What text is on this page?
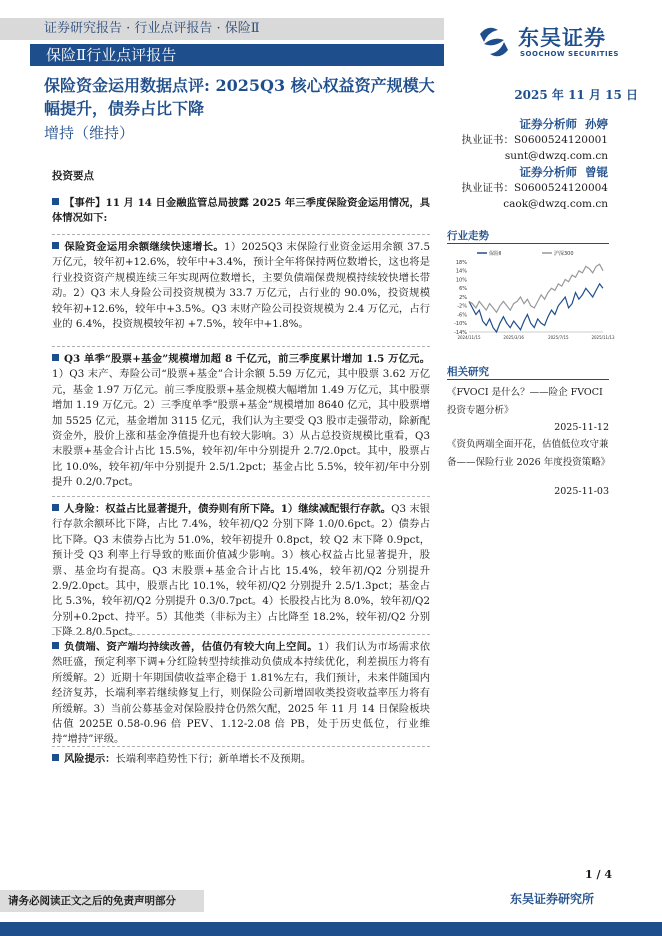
证券研究报告 · 行业点评报告 · 保险Ⅱ
保险Ⅱ行业点评报告
东吴证券
SOOCHOW SECURITIES
保险资金运用数据点评: 2025Q3 核心权益资产规模大幅提升，债券占比下降
增持（维持）
2025 年 11 月 15 日
证券分析师 孙婷
执业证书：S0600524120001
sunt@dwzq.com.cn
证券分析师 曾锟
执业证书：S0600524120004
caok@dwzq.com.cn
投资要点
【事件】11 月 14 日金融监管总局披露 2025 年三季度保险资金运用情况，具体情况如下:
保险资金运用余额继续快速增长。1）2025Q3 末保险行业资金运用余额 37.5 万亿元，较年初+12.6%，较年中+3.4%，预计全年将保持两位数增长，这也将是行业投资资产规模连续三年实现两位数增长，主要负债端保费规模持续较快增长带动。2）Q3 末人身险公司投资规模为 33.7 万亿元，占行业的 90.0%，投资规模较年初+12.6%，较年中+3.5%。Q3 末财产险公司投资规模为 2.4 万亿元，占行业的 6.4%，投资规模较年初 +7.5%，较年中+1.8%。
Q3 单季“股票+基金”规模增加超 8 千亿元，前三季度累计增加 1.5 万亿元。1）Q3 末产、寿险公司“股票+基金”合计余额 5.59 万亿元，其中股票 3.62 万亿元，基金 1.97 万亿元。前三季度股票+基金规模大幅增加 1.49 万亿元，其中股票增加 1.19 万亿元。2）三季度单季“股票+基金”规模增加 8640 亿元，其中股票增加 5525 亿元，基金增加 3115 亿元，我们认为主要受 Q3 股市走强带动，除新配资金外，股价上涨和基金净值提升也有较大影响。3）从占总投资规模比重看，Q3 末股票+基金合计占比 15.5%，较年初/年中分别提升 2.7/2.0pct。其中，股票占比 10.0%，较年初/年中分别提升 2.5/1.2pct；基金占比 5.5%，较年初/年中分别提升 0.2/0.7pct。
人身险：权益占比显著提升，债券则有所下降。1）继续减配银行存款。Q3 末银行存款余额环比下降，占比 7.4%，较年初/Q2 分别下降 1.0/0.6pct。2）债券占比下降。Q3 末债券占比为 51.0%，较年初提升 0.8pct，较 Q2 末下降 0.9pct，预计受 Q3 利率上行导致的账面价值减少影响。3）核心权益占比显著提升，股票、基金均有提高。Q3 末股票+基金合计占比 15.4%，较年初/Q2 分别提升 2.9/2.0pct。其中，股票占比 10.1%，较年初/Q2 分别提升 2.5/1.3pct；基金占比 5.3%，较年初/Q2 分别提升 0.3/0.7pct。4）长股投占比为 8.0%，较年初/Q2 分别+0.2pct、持平。5）其他类（非标为主）占比降至 18.2%，较年初/Q2 分别下降 2.8/0.5pct。
负债端、资产端均持续改善，估值仍有较大向上空间。1）我们认为市场需求依然旺盛，预定利率下调+分红险转型持续推动负债成本持续优化，利差损压力将有所缓解。2）近期十年期国债收益率企稳于 1.81%左右，我们预计，未来伴随国内经济复苏，长端利率若继续修复上行，则保险公司新增固收类投资收益率压力将有所缓解。3）当前公募基金对保险股持仓仍然欠配，2025 年 11 月 14 日保险板块估值 2025E 0.58-0.96 倍 PEV、1.12-2.08 倍 PB，处于历史低位，行业维持“增持”评级。
风险提示：长端利率趋势性下行；新单增长不及预期。
行业走势
保险Ⅱ	沪深300
18%
14%
10%
6%
2%
-2%
-6%
-10%
-14%
2024/11/15	2025/3/16	2025/7/15	2025/11/13
相关研究
《FVOCI 是什么？——险企 FVOCI 投资专题分析》
2025-11-12
《资负两端全面开花，估值低位攻守兼备——保险行业 2026 年度投资策略》
2025-11-03
1 / 4
请务必阅读正文之后的免责声明部分	东吴证券研究所
